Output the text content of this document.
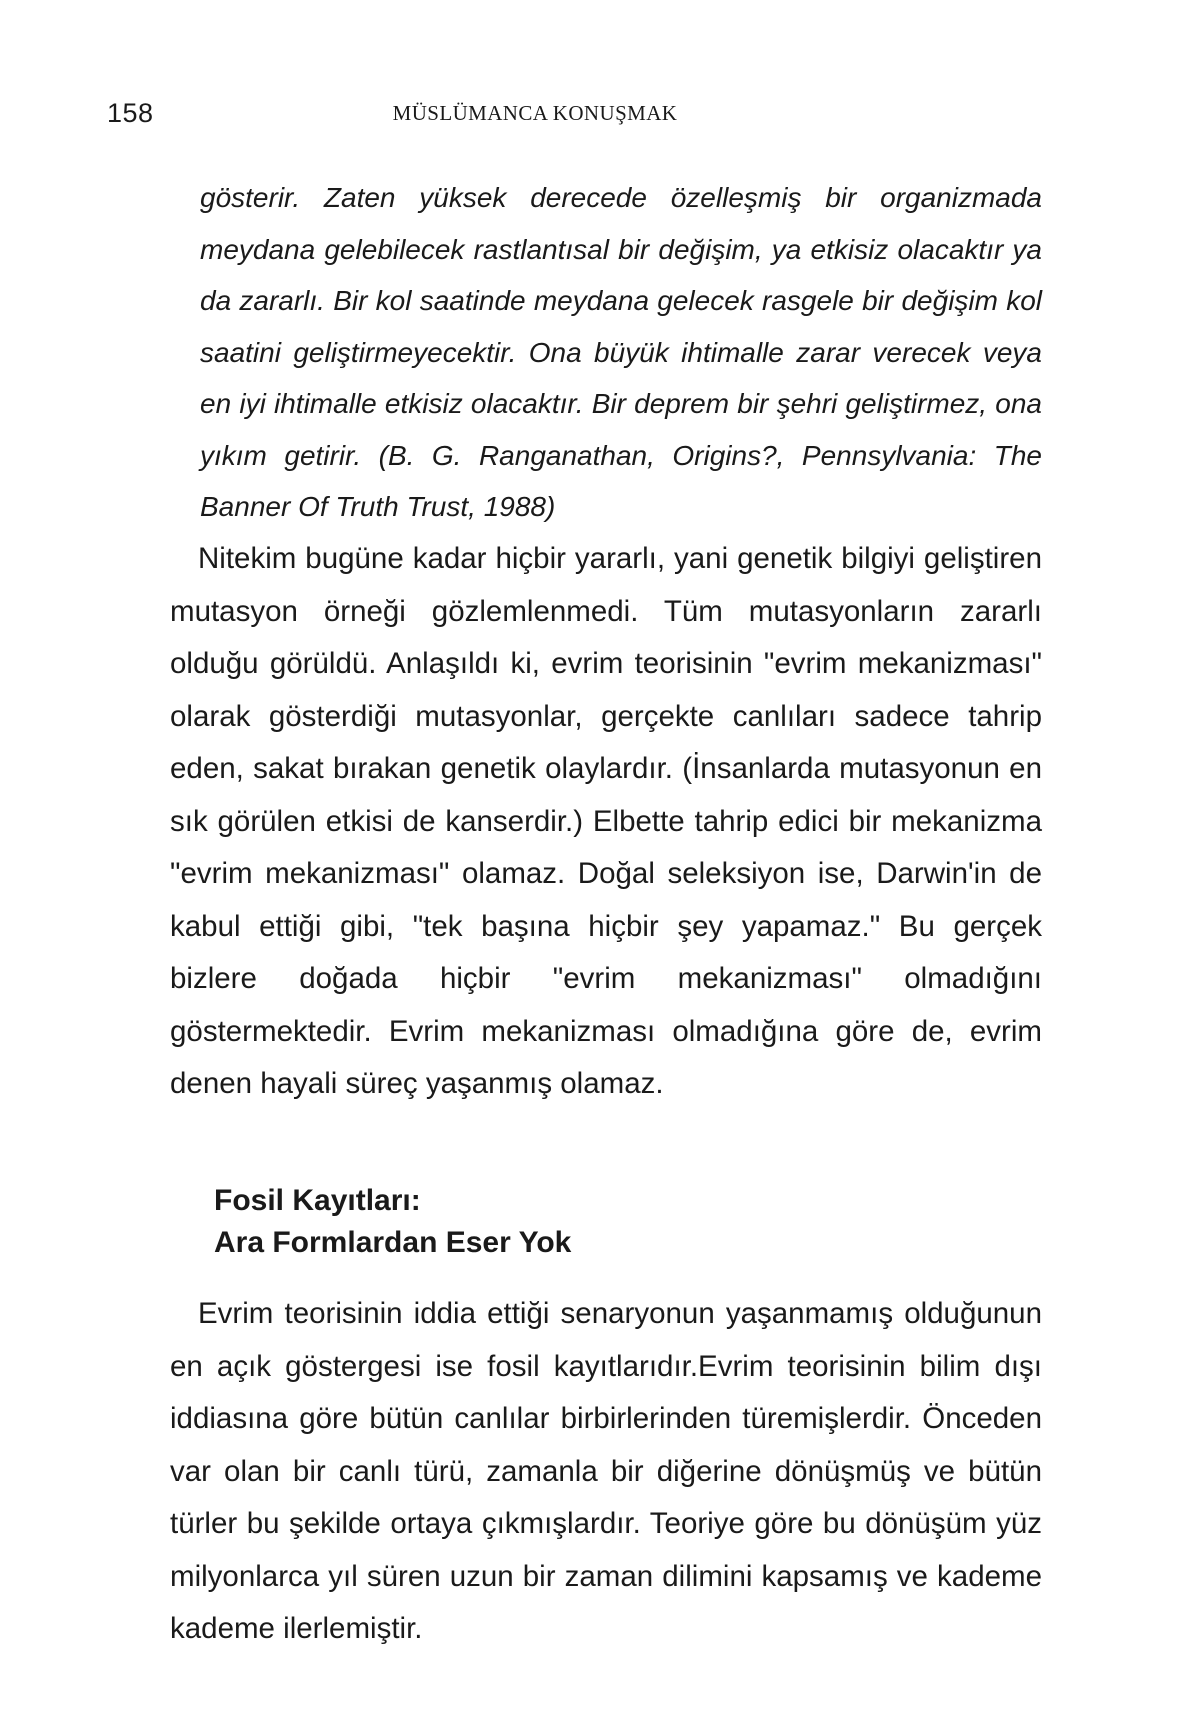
158	MÜSLÜMANCA KONUŞMAK

gösterir. Zaten yüksek derecede özelleşmiş bir organizmada meydana gelebilecek rastlantısal bir değişim, ya etkisiz olacaktır ya da zararlı. Bir kol saatinde meydana gelecek rasgele bir değişim kol saatini geliştirmeyecektir. Ona büyük ihtimalle zarar verecek veya en iyi ihtimalle etkisiz olacaktır. Bir deprem bir şehri geliştirmez, ona yıkım getirir. (B. G. Ranganathan, Origins?, Pennsylvania: The Banner Of Truth Trust, 1988)

Nitekim bugüne kadar hiçbir yararlı, yani genetik bilgiyi geliştiren mutasyon örneği gözlemlenmedi. Tüm mutasyonların zararlı olduğu görüldü. Anlaşıldı ki, evrim teorisinin "evrim mekanizması" olarak gösterdiği mutasyonlar, gerçekte canlıları sadece tahrip eden, sakat bırakan genetik olaylardır. (İnsanlarda mutasyonun en sık görülen etkisi de kanserdir.) Elbette tahrip edici bir mekanizma "evrim mekanizması" olamaz. Doğal seleksiyon ise, Darwin'in de kabul ettiği gibi, "tek başına hiçbir şey yapamaz." Bu gerçek bizlere doğada hiçbir "evrim mekanizması" olmadığını göstermektedir. Evrim mekanizması olmadığına göre de, evrim denen hayali süreç yaşanmış olamaz.

Fosil Kayıtları:
Ara Formlardan Eser Yok

Evrim teorisinin iddia ettiği senaryonun yaşanmamış olduğunun en açık göstergesi ise fosil kayıtlarıdır.Evrim teorisinin bilim dışı iddiasına göre bütün canlılar birbirlerinden türemişlerdir. Önceden var olan bir canlı türü, zamanla bir diğerine dönüşmüş ve bütün türler bu şekilde ortaya çıkmışlardır. Teoriye göre bu dönüşüm yüz milyonlarca yıl süren uzun bir zaman dilimini kapsamış ve kademe kademe ilerlemiştir.
